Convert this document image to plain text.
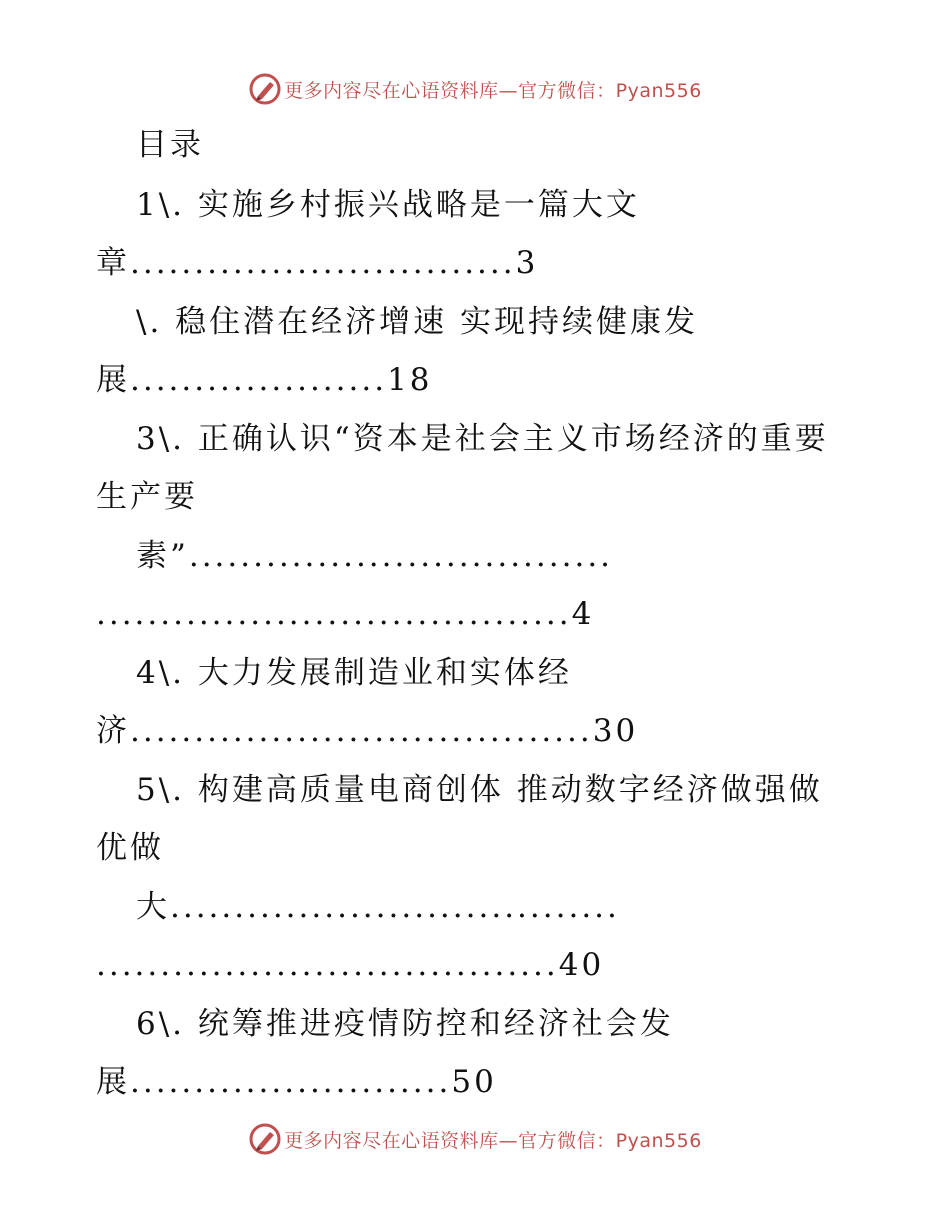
更多内容尽在心语资料库—官方微信：Pyan556
目录
1\. 实施乡村振兴战略是一篇大文
章..............................3
\. 稳住潜在经济增速 实现持续健康发
展....................18
3\. 正确认识“资本是社会主义市场经济的重要
生产要
素”.................................
.....................................4
4\. 大力发展制造业和实体经
济....................................30
5\. 构建高质量电商创体 推动数字经济做强做
优做
大...................................
....................................40
6\. 统筹推进疫情防控和经济社会发
展.........................50
更多内容尽在心语资料库—官方微信：Pyan556
